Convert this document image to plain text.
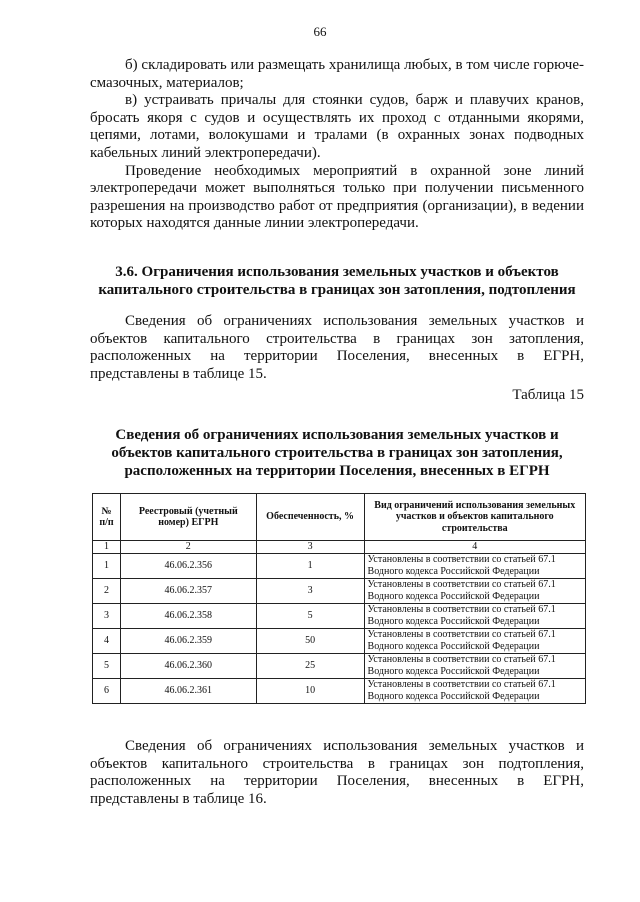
66

б) складировать или размещать хранилища любых, в том числе горюче-смазочных, материалов;

в) устраивать причалы для стоянки судов, барж и плавучих кранов, бросать якоря с судов и осуществлять их проход с отданными якорями, цепями, лотами, волокушами и тралами (в охранных зонах подводных кабельных линий электропередачи).

Проведение необходимых мероприятий в охранной зоне линий электропередачи может выполняться только при получении письменного разрешения на производство работ от предприятия (организации), в ведении которых находятся данные линии электропередачи.

3.6. Ограничения использования земельных участков и объектов капитального строительства в границах зон затопления, подтопления

Сведения об ограничениях использования земельных участков и объектов капитального строительства в границах зон затопления, расположенных на территории Поселения, внесенных в ЕГРН, представлены в таблице 15.

Таблица 15
Сведения об ограничениях использования земельных участков и объектов капитального строительства в границах зон затопления, расположенных на территории Поселения, внесенных в ЕГРН
№ п/п	Реестровый (учетный номер) ЕГРН	Обеспеченность, %	Вид ограничений использования земельных участков и объектов капитального строительства
1	2	3	4
1	46.06.2.356	1	Установлены в соответствии со статьей 67.1 Водного кодекса Российской Федерации
2	46.06.2.357	3	Установлены в соответствии со статьей 67.1 Водного кодекса Российской Федерации
3	46.06.2.358	5	Установлены в соответствии со статьей 67.1 Водного кодекса Российской Федерации
4	46.06.2.359	50	Установлены в соответствии со статьей 67.1 Водного кодекса Российской Федерации
5	46.06.2.360	25	Установлены в соответствии со статьей 67.1 Водного кодекса Российской Федерации
6	46.06.2.361	10	Установлены в соответствии со статьей 67.1 Водного кодекса Российской Федерации

Сведения об ограничениях использования земельных участков и объектов капитального строительства в границах зон подтопления, расположенных на территории Поселения, внесенных в ЕГРН, представлены в таблице 16.
